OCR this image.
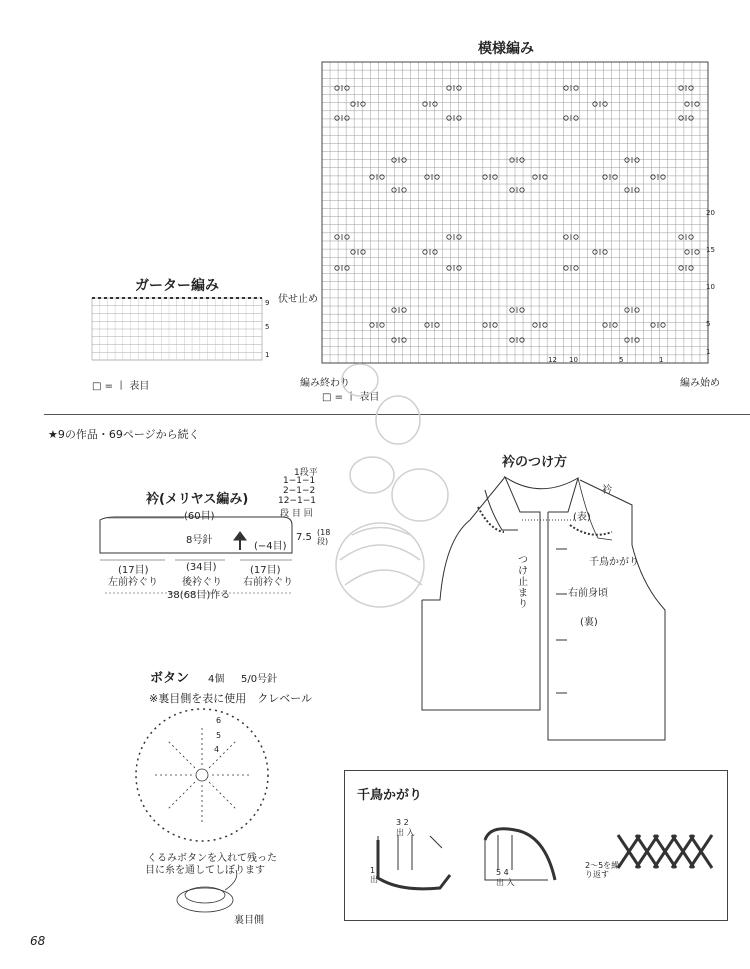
模様編み
編み終わり	編み始め
□ = 丨 表目
1
5
10
15
20
12 10	5	1
ガーター編み
伏せ止め
□ = 丨 表目
1
5
9
★9の作品・69ページから続く
衿(メリヤス編み)
(60目)
8号針
(−4目)
(17目)
左前衿ぐり
(34目)
後衿ぐり
(17目)
右前衿ぐり
38(68目)作る
7.5 (18段)
1段平
1−1−1
2−1−2
12−1−1
段 目 回
衿のつけ方
衿
(表)
千鳥かがり
つけ止まり
右前身頃
(裏)
ボタン 4個 5/0号針
※裏目側を表に使用　クレベール
6
5
4
くるみボタンを入れて残った
目に糸を通してしぼります
裏目側
千鳥かがり
3 2
出 入
1出
5 4
出 入
2〜5を繰り返す
68
